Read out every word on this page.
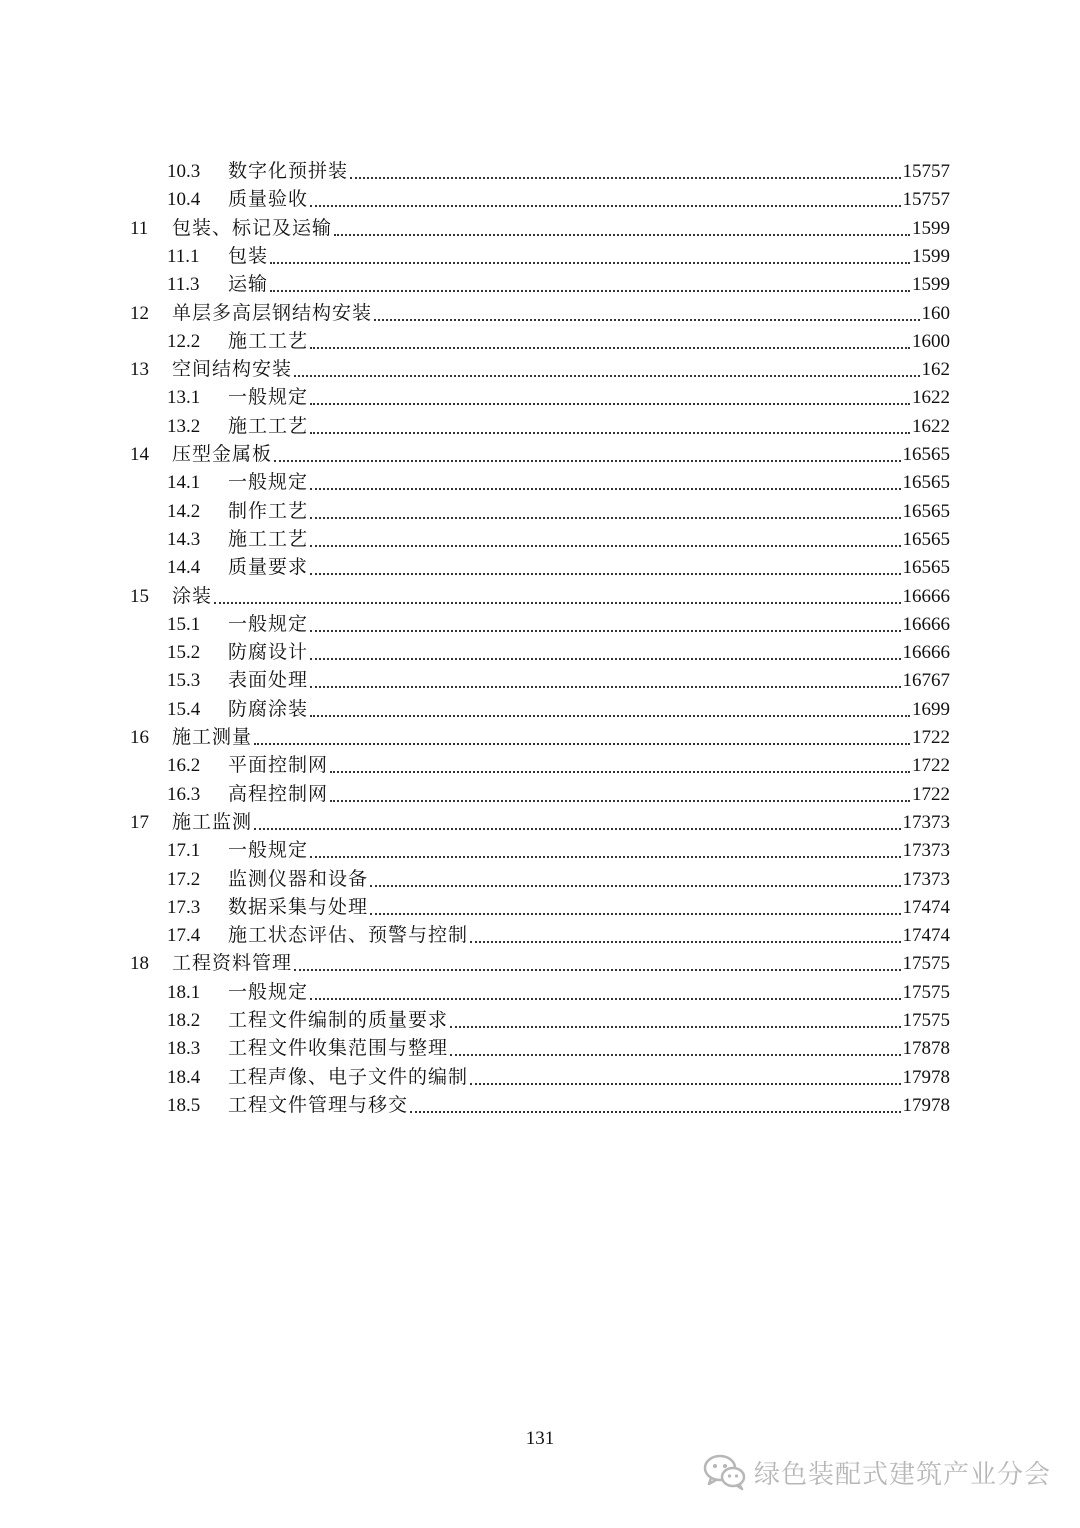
10.3	数字化预拼装	15757
10.4	质量验收	15757
11	包装、标记及运输	1599
11.1	包装	1599
11.3	运输	1599
12	单层多高层钢结构安装	160
12.2	施工工艺	1600
13	空间结构安装	162
13.1	一般规定	1622
13.2	施工工艺	1622
14	压型金属板	16565
14.1	一般规定	16565
14.2	制作工艺	16565
14.3	施工工艺	16565
14.4	质量要求	16565
15	涂装	16666
15.1	一般规定	16666
15.2	防腐设计	16666
15.3	表面处理	16767
15.4	防腐涂装	1699
16	施工测量	1722
16.2	平面控制网	1722
16.3	高程控制网	1722
17	施工监测	17373
17.1	一般规定	17373
17.2	监测仪器和设备	17373
17.3	数据采集与处理	17474
17.4	施工状态评估、预警与控制	17474
18	工程资料管理	17575
18.1	一般规定	17575
18.2	工程文件编制的质量要求	17575
18.3	工程文件收集范围与整理	17878
18.4	工程声像、电子文件的编制	17978
18.5	工程文件管理与移交	17978
131
绿色装配式建筑产业分会
